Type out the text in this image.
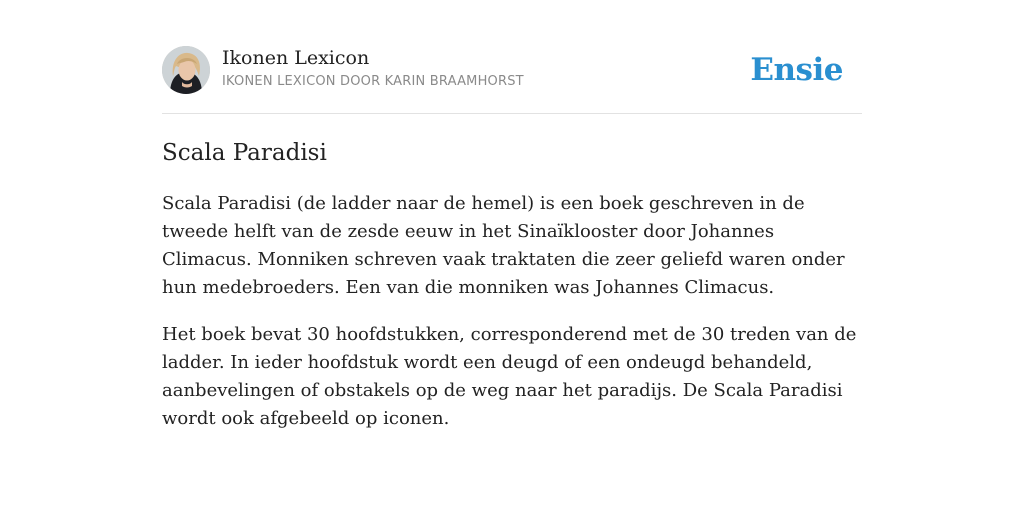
Ikonen Lexicon
IKONEN LEXICON DOOR KARIN BRAAMHORST	Ensie
Scala Paradisi

Scala Paradisi (de ladder naar de hemel) is een boek geschreven in de tweede helft van de zesde eeuw in het Sinaïklooster door Johannes Climacus. Monniken schreven vaak traktaten die zeer geliefd waren onder hun medebroeders. Een van die monniken was Johannes Climacus.

Het boek bevat 30 hoofdstukken, corresponderend met de 30 treden van de ladder. In ieder hoofdstuk wordt een deugd of een ondeugd behandeld, aanbevelingen of obstakels op de weg naar het paradijs. De Scala Paradisi wordt ook afgebeeld op iconen.
